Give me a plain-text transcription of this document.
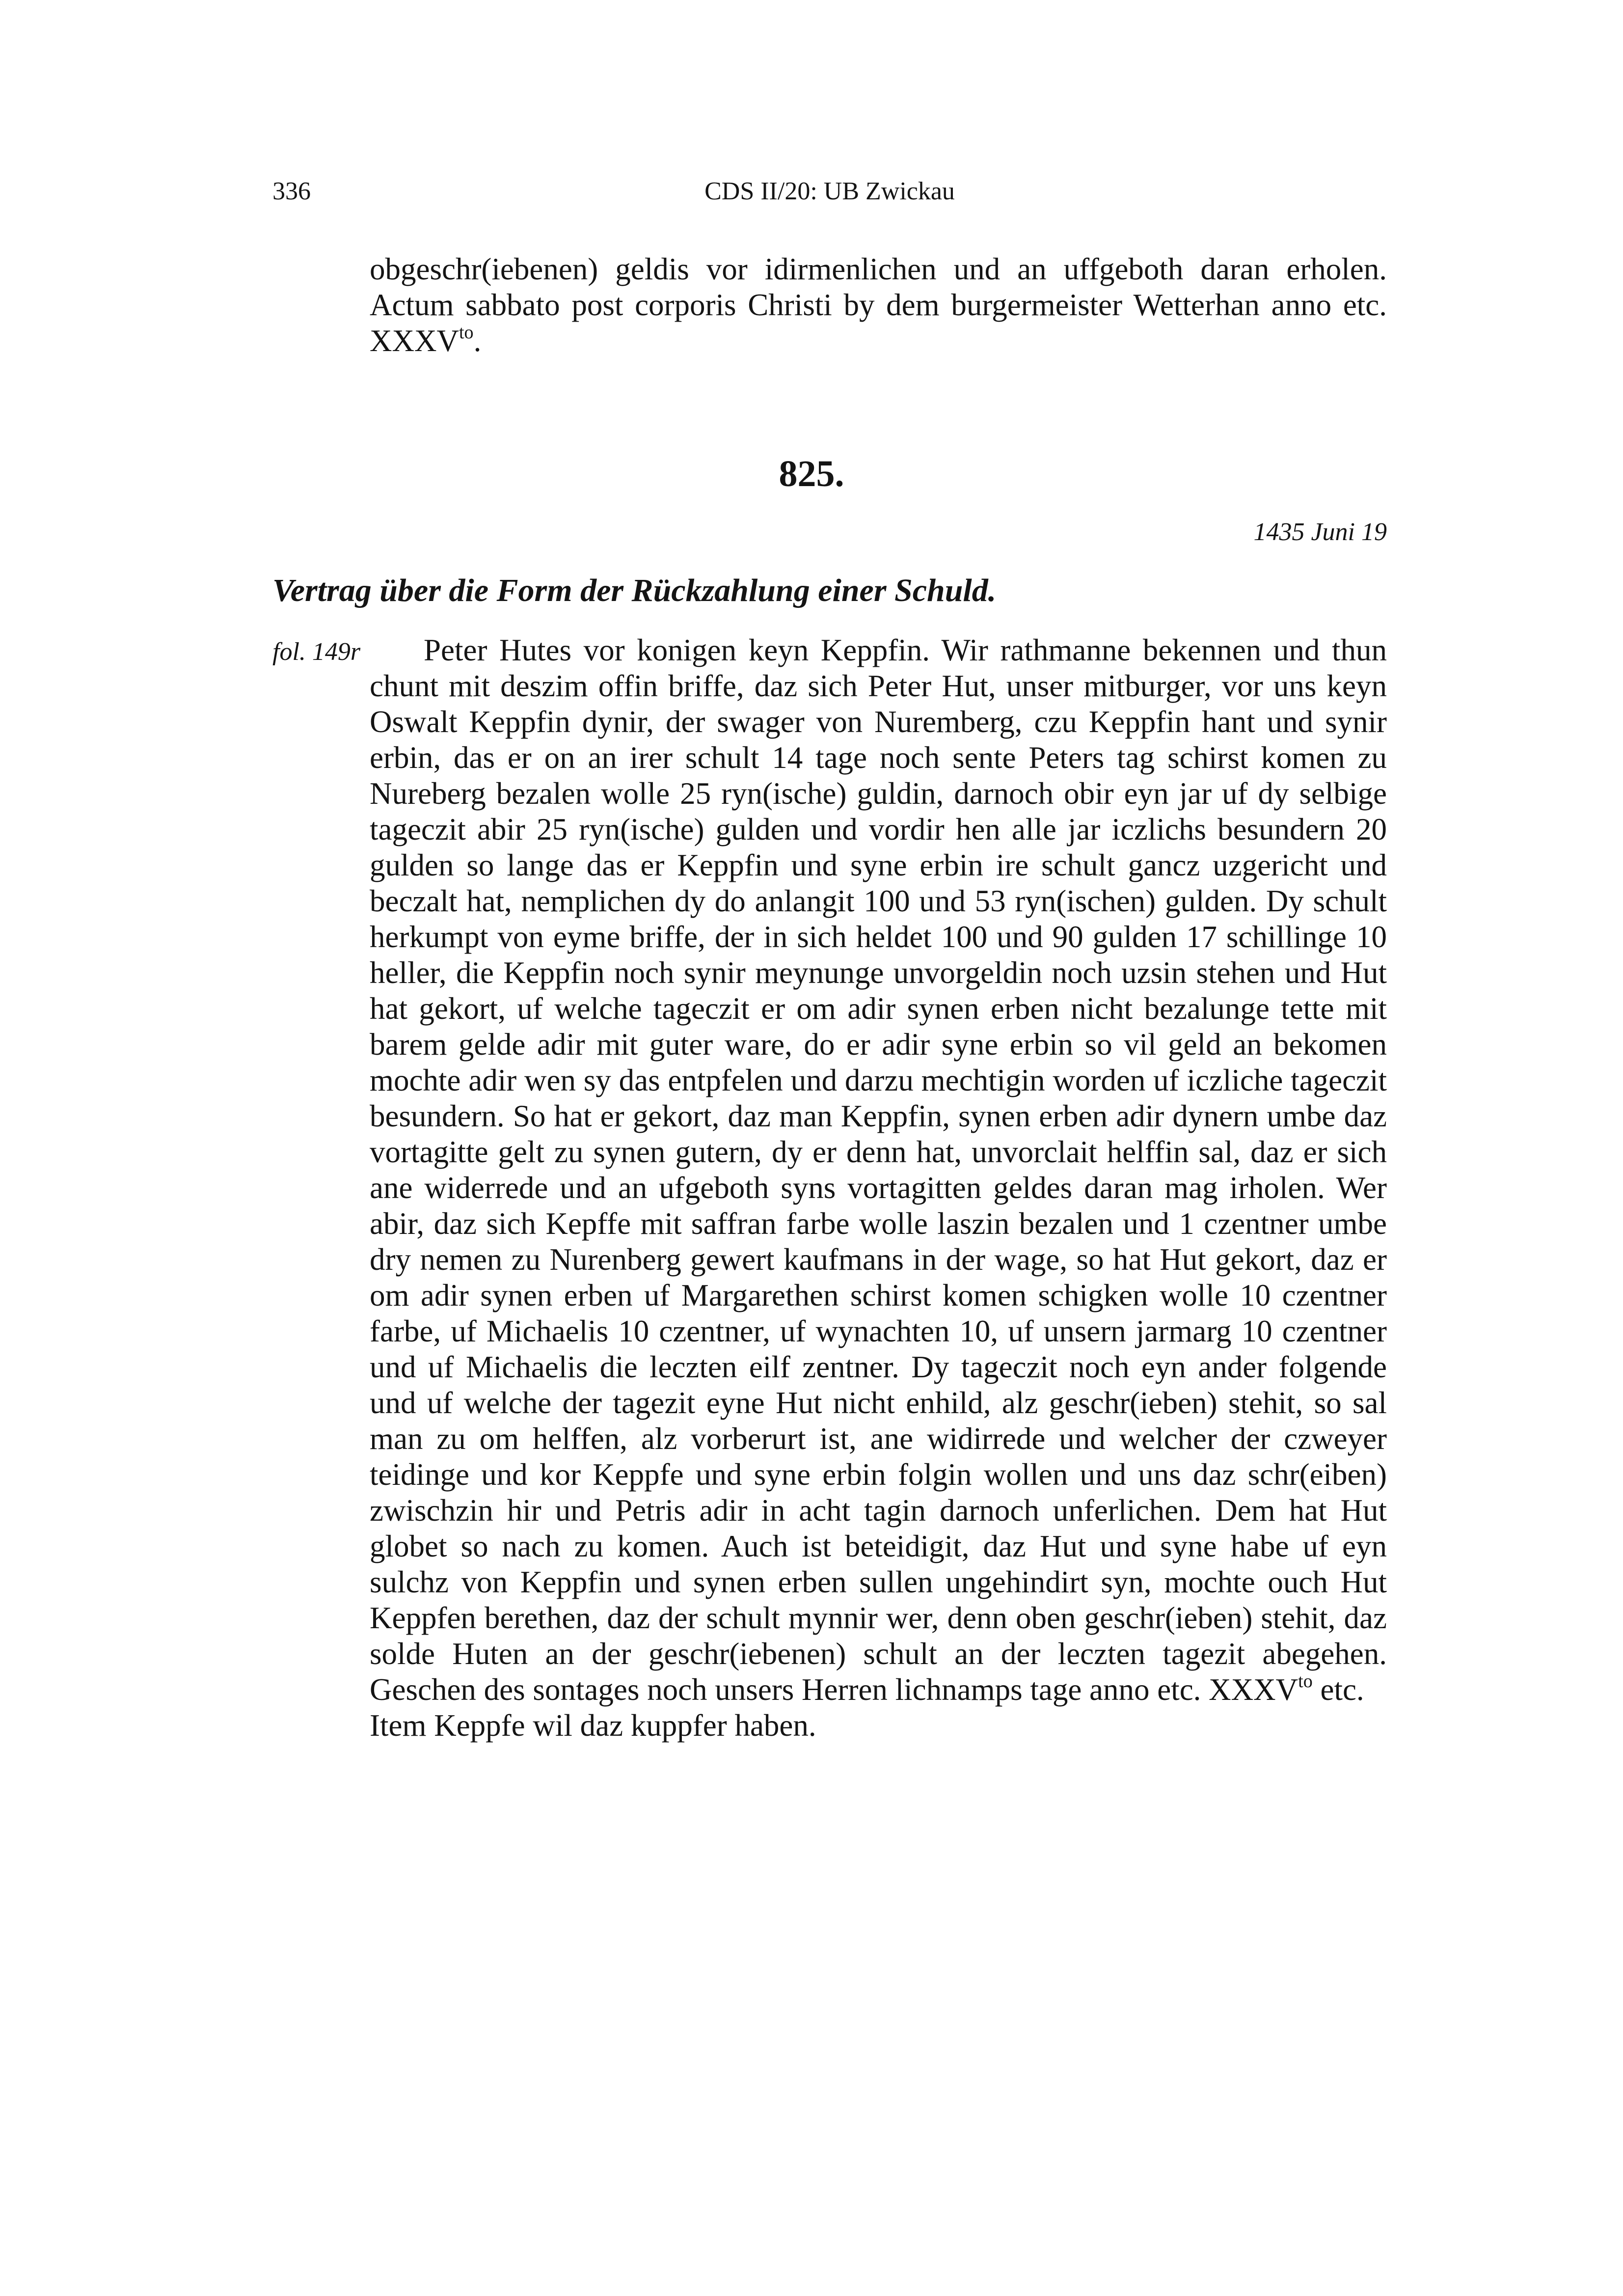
336	CDS II/20: UB Zwickau

obgeschr(iebenen) geldis vor idirmenlichen und an uffgeboth daran erholen. Actum sabbato post corporis Christi by dem burgermeister Wetterhan anno etc. $XXXV^{to}$.

825.
1435 Juni 19
Vertrag über die Form der Rückzahlung einer Schuld.
fol. 149r	Peter Hutes vor konigen keyn Keppfin. Wir rathmanne bekennen und thun chunt mit deszim offin briffe, daz sich Peter Hut, unser mitburger, vor uns keyn Oswalt Keppfin dynir, der swager von Nuremberg, czu Keppfin hant und synir erbin, das er on an irer schult 14 tage noch sente Peters tag schirst komen zu Nureberg bezalen wolle 25 ryn(ische) guldin, darnoch obir eyn jar uf dy selbige tageczit abir 25 ryn(ische) gulden und vordir hen alle jar iczlichs besundern 20 gulden so lange das er Keppfin und syne erbin ire schult gancz uzgericht und beczalt hat, nemplichen dy do anlangit 100 und 53 ryn(ischen) gulden. Dy schult herkumpt von eyme briffe, der in sich heldet 100 und 90 gulden 17 schillinge 10 heller, die Keppfin noch synir meynunge unvorgeldin noch uzsin stehen und Hut hat gekort, uf welche tageczit er om adir synen erben nicht bezalunge tette mit barem gelde adir mit guter ware, do er adir syne erbin so vil geld an bekomen mochte adir wen sy das entpfelen und darzu mechtigin worden uf iczliche tageczit besundern. So hat er gekort, daz man Keppfin, synen erben adir dynern umbe daz vortagitte gelt zu synen gutern, dy er denn hat, unvorclait helffin sal, daz er sich ane widerrede und an ufgeboth syns vortagitten geldes daran mag irholen. Wer abir, daz sich Kepffe mit saffran farbe wolle laszin bezalen und 1 czentner umbe dry nemen zu Nurenberg gewert kaufmans in der wage, so hat Hut gekort, daz er om adir synen erben uf Margarethen schirst komen schigken wolle 10 czentner farbe, uf Michaelis 10 czentner, uf wynachten 10, uf unsern jarmarg 10 czentner und uf Michaelis die leczten eilf zentner. Dy tageczit noch eyn ander folgende und uf welche der tagezit eyne Hut nicht enhild, alz geschr(ieben) stehit, so sal man zu om helffen, alz vorberurt ist, ane widirrede und welcher der czweyer teidinge und kor Keppfe und syne erbin folgin wollen und uns daz schr(eiben) zwischzin hir und Petris adir in acht tagin darnoch unferlichen. Dem hat Hut globet so nach zu komen. Auch ist beteidigit, daz Hut und syne habe uf eyn sulchz von Keppfin und synen erben sullen ungehindirt syn, mochte ouch Hut Keppfen berethen, daz der schult mynnir wer, denn oben geschr(ieben) stehit, daz solde Huten an der geschr(iebenen) schult an der leczten tagezit abegehen. Geschen des sontages noch unsers Herren lichnamps tage anno etc. $XXXV^{to}$ etc.

Item Keppfe wil daz kuppfer haben.
